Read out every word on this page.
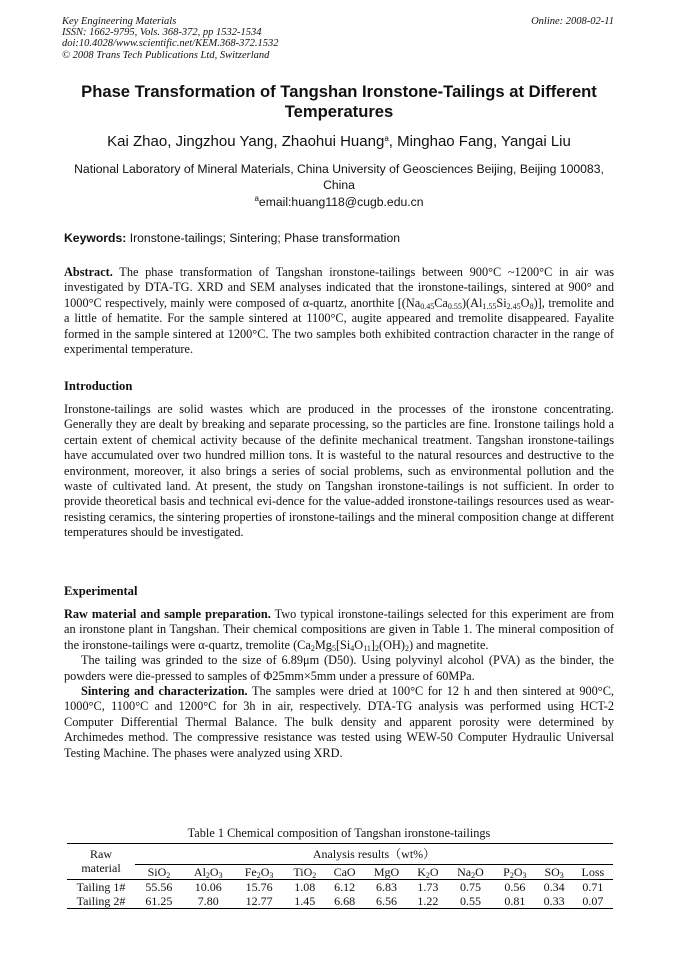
Key Engineering Materials
ISSN: 1662-9795, Vols. 368-372, pp 1532-1534
doi:10.4028/www.scientific.net/KEM.368-372.1532
© 2008 Trans Tech Publications Ltd, Switzerland
Online: 2008-02-11
Phase Transformation of Tangshan Ironstone-Tailings at Different Temperatures
Kai Zhao, Jingzhou Yang, Zhaohui Huang$^a$, Minghao Fang, Yangai Liu
National Laboratory of Mineral Materials, China University of Geosciences Beijing, Beijing 100083, China
$^a$email:huang118@cugb.edu.cn
Keywords: Ironstone-tailings; Sintering; Phase transformation

Abstract. The phase transformation of Tangshan ironstone-tailings between 900°C ~1200°C in air was investigated by DTA-TG. XRD and SEM analyses indicated that the ironstone-tailings, sintered at 900° and 1000°C respectively, mainly were composed of α-quartz, anorthite $[(Na_{0.45}Ca_{0.55})(Al_{1.55}Si_{2.45}O_8)]$, tremolite and a little of hematite. For the sample sintered at 1100°C, augite appeared and tremolite disappeared. Fayalite formed in the sample sintered at 1200°C. The two samples both exhibited contraction character in the range of experimental temperature.

Introduction

Ironstone-tailings are solid wastes which are produced in the processes of the ironstone concentrating. Generally they are dealt by breaking and separate processing, so the particles are fine. Ironstone tailings hold a certain extent of chemical activity because of the definite mechanical treatment. Tangshan ironstone-tailings have accumulated over two hundred million tons. It is wasteful to the natural resources and destructive to the environment, moreover, it also brings a series of social problems, such as environmental pollution and the waste of cultivated land. At present, the study on Tangshan ironstone-tailings is not sufficient. In order to provide theoretical basis and technical evi-dence for the value-added ironstone-tailings resources used as wear-resisting ceramics, the sintering properties of ironstone-tailings and the mineral composition change at different temperatures should be investigated.

Experimental

Raw material and sample preparation. Two typical ironstone-tailings selected for this experiment are from an ironstone plant in Tangshan. Their chemical compositions are given in Table 1. The mineral composition of the ironstone-tailings were α-quartz, tremolite $(Ca_2Mg_5[Si_4O_{11}]_2(OH)_2)$ and magnetite.

The tailing was grinded to the size of 6.89μm (D50). Using polyvinyl alcohol (PVA) as the binder, the powders were die-pressed to samples of Φ25mm×5mm under a pressure of 60MPa.

Sintering and characterization. The samples were dried at 100°C for 12 h and then sintered at 900°C, 1000°C, 1100°C and 1200°C for 3h in air, respectively. DTA-TG analysis was performed using HCT-2 Computer Differential Thermal Balance. The bulk density and apparent porosity were determined by Archimedes method. The compressive resistance was tested using WEW-50 Computer Hydraulic Universal Testing Machine. The phases were analyzed using XRD.

Table 1 Chemical composition of Tangshan ironstone-tailings
Raw
material	Analysis results（wt%）										
	SiO$_2$	$Al_2O_3$	$Fe_2O_3$	TiO$_2$	CaO	MgO	$K_2O$	$Na_2O$	$P_2O_3$	$SO_3$	Loss
Tailing 1#	55.56	10.06	15.76	1.08	6.12	6.83	1.73	0.75	0.56	0.34	0.71
Tailing 2#	61.25	7.80	12.77	1.45	6.68	6.56	1.22	0.55	0.81	0.33	0.07
